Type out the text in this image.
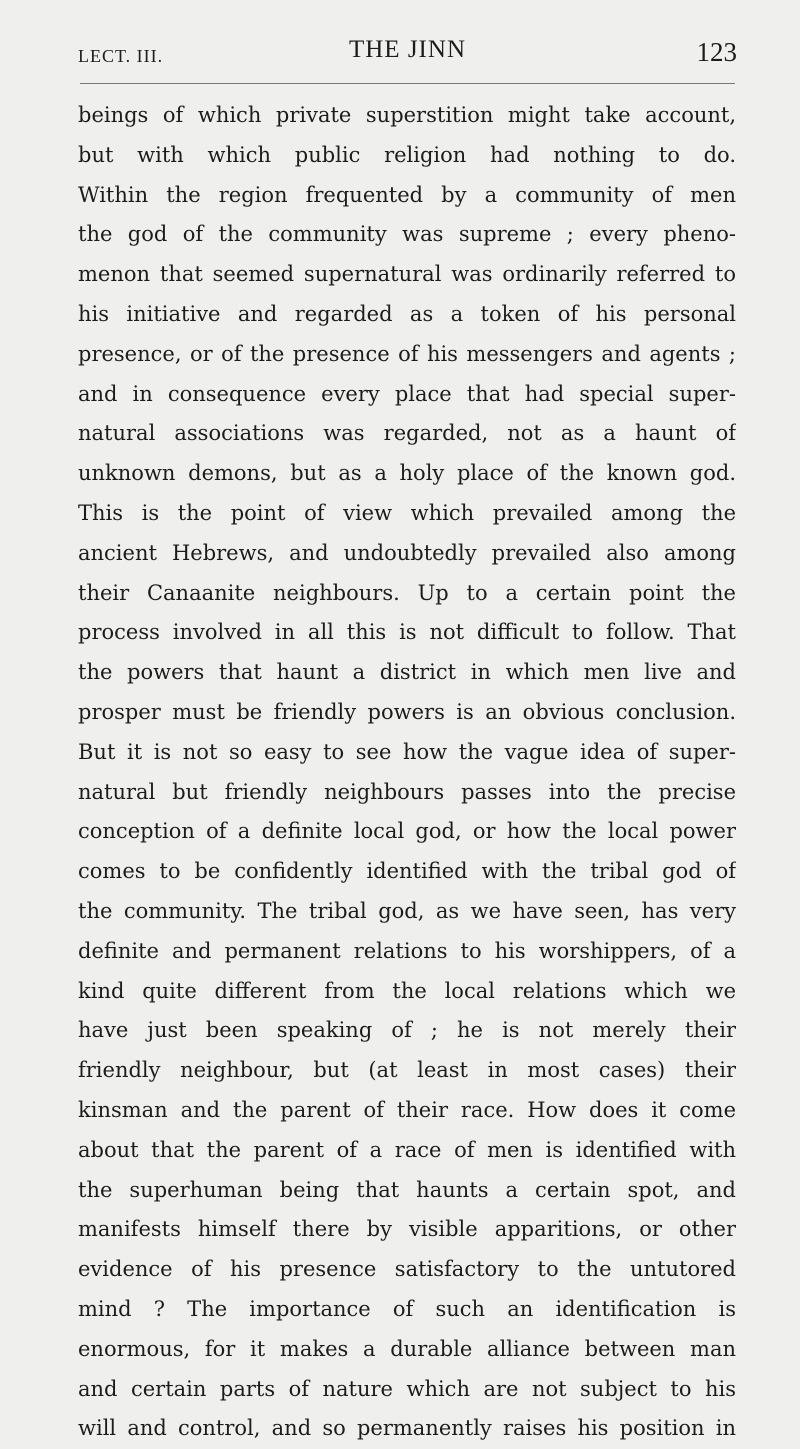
LECT. III.	THE JINN	123
beings of which private superstition might take account,
but with which public religion had nothing to do.
Within the region frequented by a community of men
the god of the community was supreme ; every pheno-
menon that seemed supernatural was ordinarily referred to
his initiative and regarded as a token of his personal
presence, or of the presence of his messengers and agents ;
and in consequence every place that had special super-
natural associations was regarded, not as a haunt of
unknown demons, but as a holy place of the known god.
This is the point of view which prevailed among the
ancient Hebrews, and undoubtedly prevailed also among
their Canaanite neighbours. Up to a certain point the
process involved in all this is not difficult to follow. That
the powers that haunt a district in which men live and
prosper must be friendly powers is an obvious conclusion.
But it is not so easy to see how the vague idea of super-
natural but friendly neighbours passes into the precise
conception of a definite local god, or how the local power
comes to be confidently identified with the tribal god of
the community. The tribal god, as we have seen, has very
definite and permanent relations to his worshippers, of a
kind quite different from the local relations which we
have just been speaking of ; he is not merely their
friendly neighbour, but (at least in most cases) their
kinsman and the parent of their race. How does it come
about that the parent of a race of men is identified with
the superhuman being that haunts a certain spot, and
manifests himself there by visible apparitions, or other
evidence of his presence satisfactory to the untutored
mind ? The importance of such an identification is
enormous, for it makes a durable alliance between man
and certain parts of nature which are not subject to his
will and control, and so permanently raises his position in
